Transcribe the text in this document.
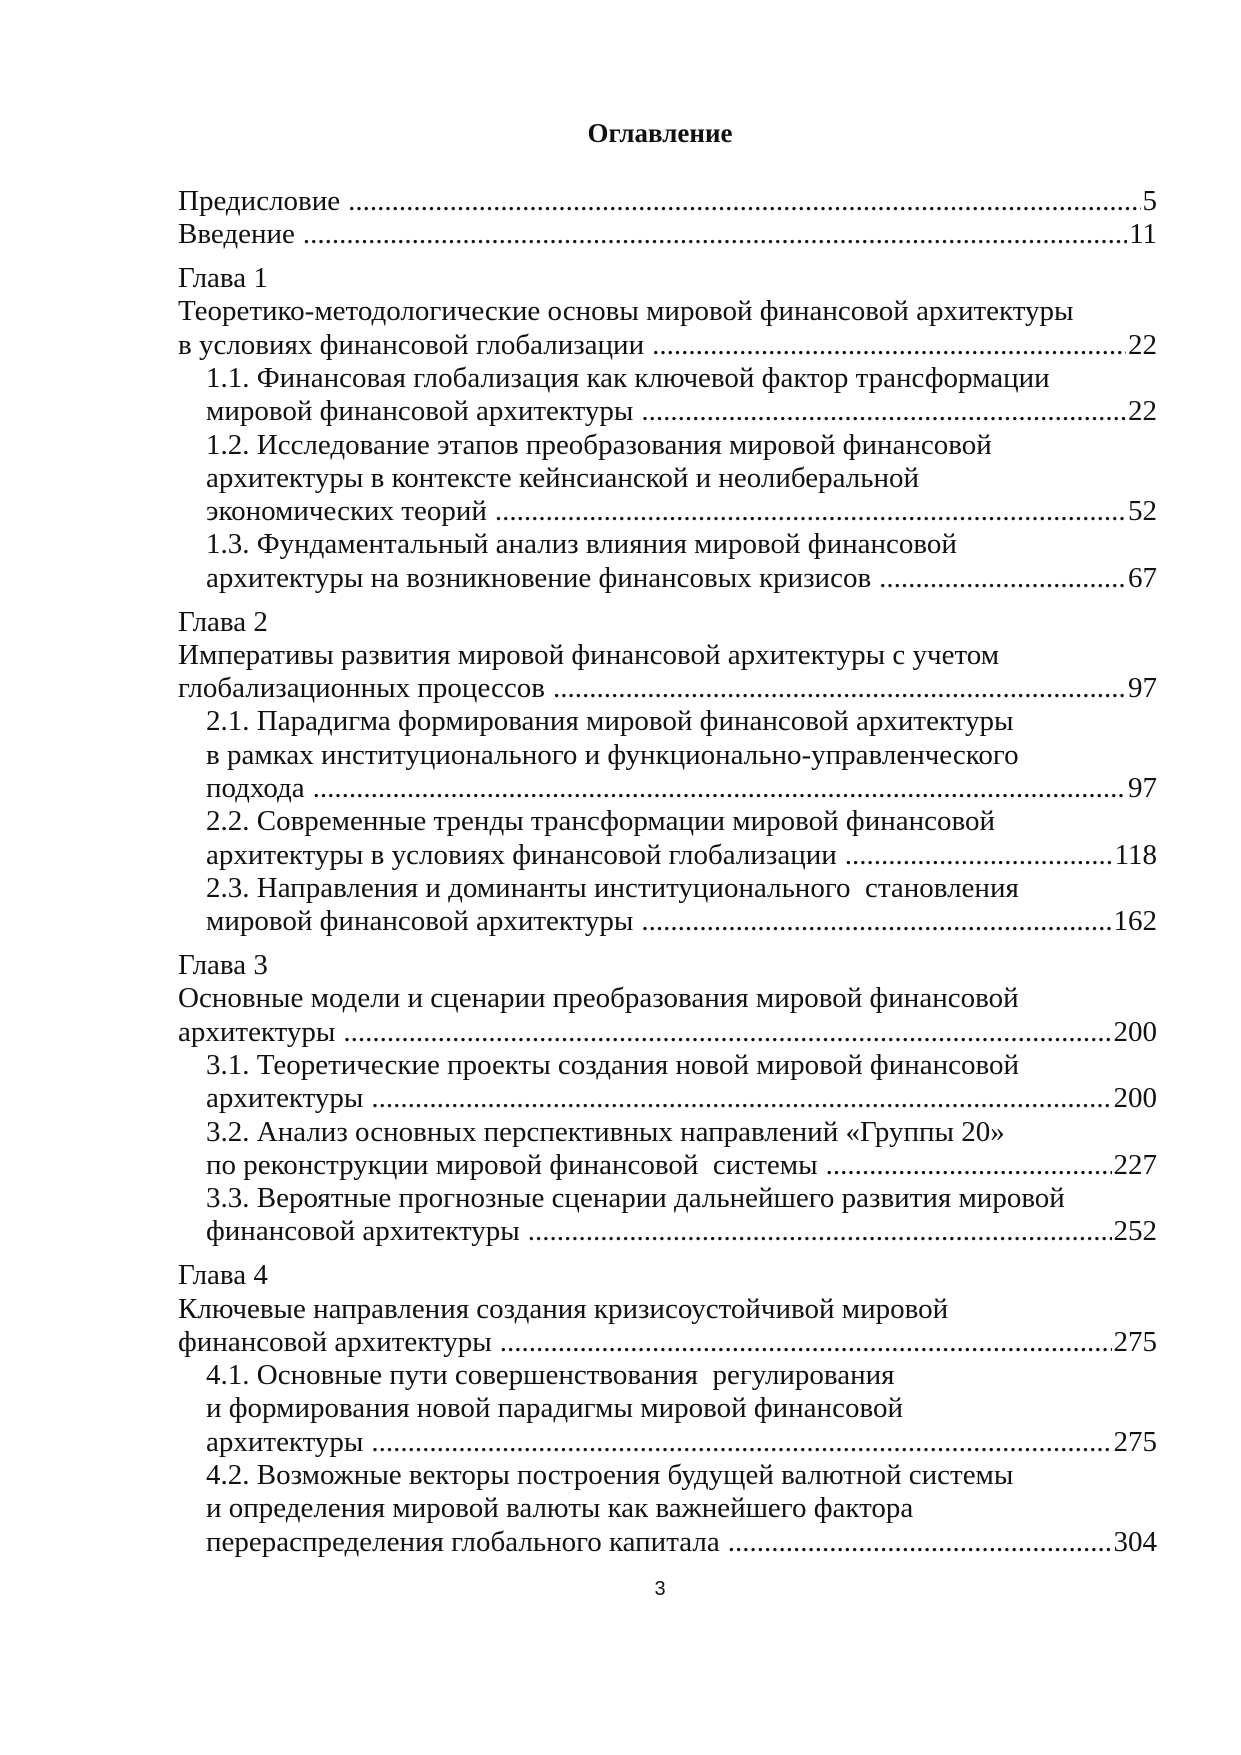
Оглавление
Предисловие .....	5
Введение .....	11
Глава 1
Теоретико-методологические основы мировой финансовой архитектуры
в условиях финансовой глобализации .....	22
1.1. Финансовая глобализация как ключевой фактор трансформации
мировой финансовой архитектуры .....	22
1.2. Исследование этапов преобразования мировой финансовой
архитектуры в контексте кейнсианской и неолиберальной
экономических теорий .....	52
1.3. Фундаментальный анализ влияния мировой финансовой
архитектуры на возникновение финансовых кризисов .....	67
Глава 2
Императивы развития мировой финансовой архитектуры с учетом
глобализационных процессов .....	97
2.1. Парадигма формирования мировой финансовой архитектуры
в рамках институционального и функционально-управленческого
подхода .....	97
2.2. Современные тренды трансформации мировой финансовой
архитектуры в условиях финансовой глобализации .....	118
2.3. Направления и доминанты институционального  становления
мировой финансовой архитектуры .....	162
Глава 3
Основные модели и сценарии преобразования мировой финансовой
архитектуры .....	200
3.1. Теоретические проекты создания новой мировой финансовой
архитектуры .....	200
3.2. Анализ основных перспективных направлений «Группы 20»
по реконструкции мировой финансовой  системы .....	227
3.3. Вероятные прогнозные сценарии дальнейшего развития мировой
финансовой архитектуры .....	252
Глава 4
Ключевые направления создания кризисоустойчивой мировой
финансовой архитектуры .....	275
4.1. Основные пути совершенствования  регулирования
и формирования новой парадигмы мировой финансовой
архитектуры .....	275
4.2. Возможные векторы построения будущей валютной системы
и определения мировой валюты как важнейшего фактора
перераспределения глобального капитала .....	304
3
